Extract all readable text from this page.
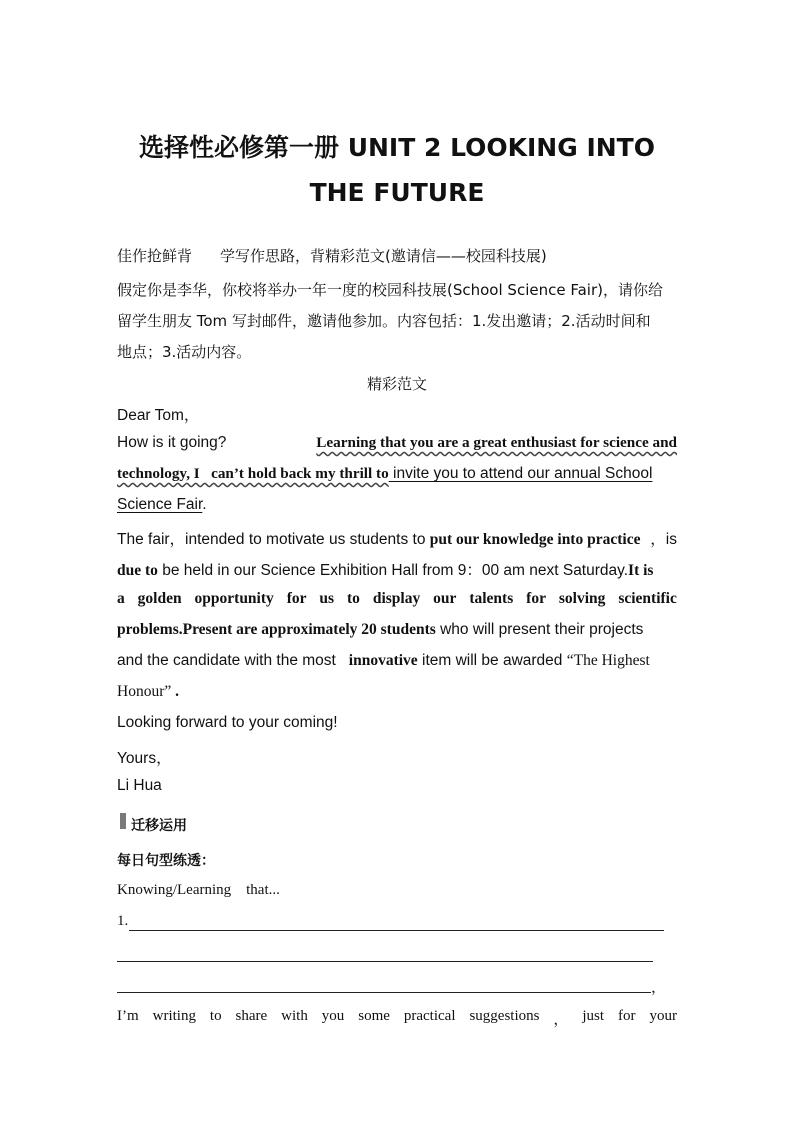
选择性必修第一册 UNIT 2 LOOKING INTO
THE FUTURE
佳作抢鲜背 学写作思路，背精彩范文(邀请信——校园科技展)
假定你是李华，你校将举办一年一度的校园科技展(School Science Fair)，请你给
留学生朋友 Tom 写封邮件，邀请他参加。内容包括：1.发出邀请；2.活动时间和
地点；3.活动内容。
精彩范文
Dear Tom，
How is it going?	Learning that you are a great enthusiast for science and
technology, I   can’t hold back my thrill to invite you to attend our annual School
Science Fair.
The fair，intended to motivate us students to put our knowledge into practice ，is
due to be held in our Science Exhibition Hall from 9：00 am next Saturday.It is
a golden opportunity for us to display our talents for solving scientific
problems.Present are approximately 20 students who will present their projects
and the candidate with the most   innovative item will be awarded “The Highest
Honour” .
Looking forward to your coming!
Yours，
Li Hua
迁移运用
每日句型练透：
Knowing/Learning    that...
1.
，
I’m writing to share with you some practical suggestions ， just for your
